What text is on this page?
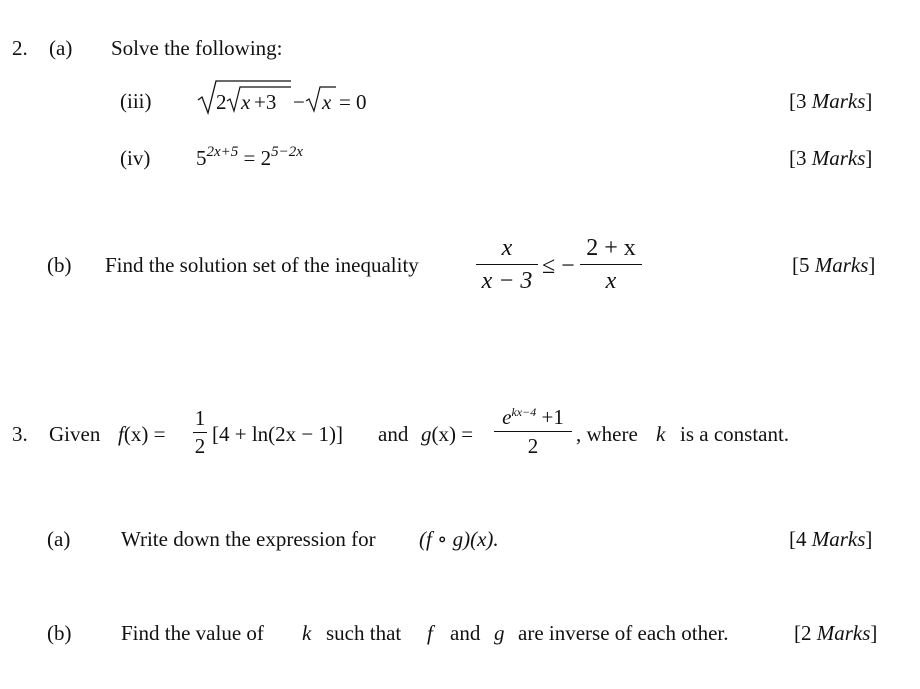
2. (a) Solve the following:
(iii)	2 x +3 − x = 0	[3 Marks]
(iv) $5^{2x+5} = 2^{5-2x}$	[3 Marks]
(b) Find the solution set of the inequality
x
x − 3
≤ −
2 + x
x
[5 Marks]
3. Given f(x) =
1
2 [4 + ln(2x − 1)] and g(x) =
$e^{kx-4} +1$
2	, where k is a constant.
(a) Write down the expression for (f ∘ g)(x).	[4 Marks]
(b) Find the value of k such that f and g are inverse of each other.	[2 Marks]
